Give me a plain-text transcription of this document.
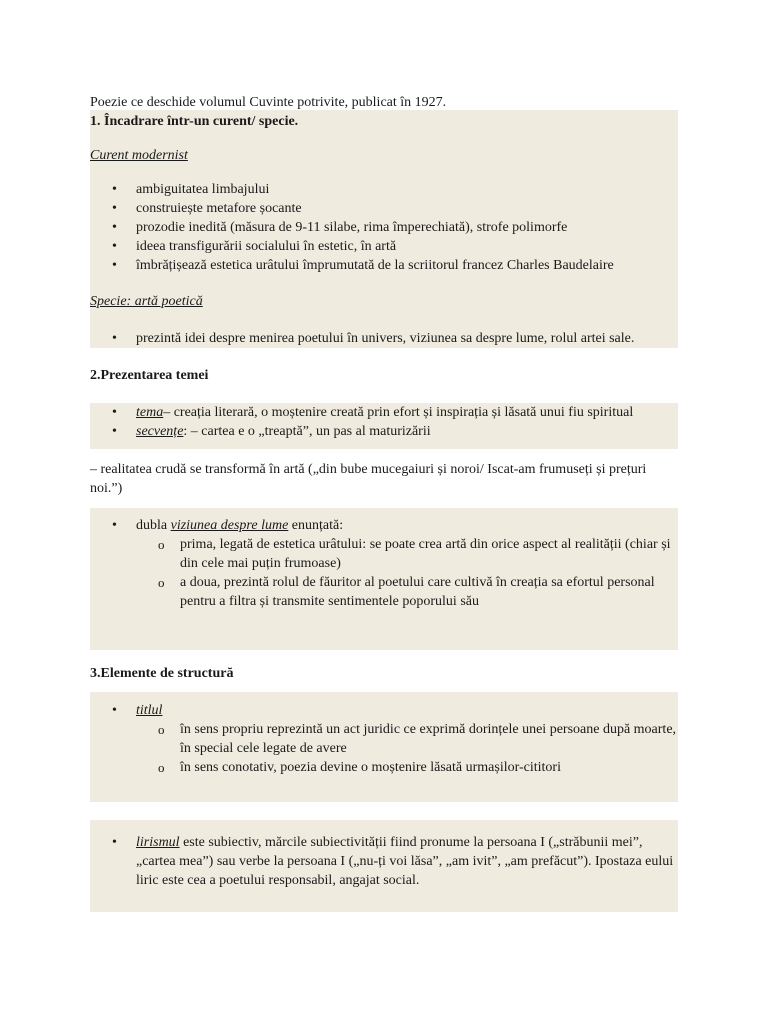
Poezie ce deschide volumul Cuvinte potrivite, publicat în 1927.

1. Încadrare într-un curent/ specie.

Curent modernist

• ambiguitatea limbajului
• construiește metafore șocante
• prozodie inedită (măsura de 9-11 silabe, rima împerechiată), strofe polimorfe
• ideea transfigurării socialului în estetic, în artă
• îmbrățișează estetica urâtului împrumutată de la scriitorul francez Charles Baudelaire

Specie: artă poetică

• prezintă idei despre menirea poetului în univers, viziunea sa despre lume, rolul artei sale.

2.Prezentarea temei

• tema– creația literară, o moștenire creată prin efort și inspirația și lăsată unui fiu spiritual
• secvențe: – cartea e o „treaptă”, un pas al maturizării

– realitatea crudă se transformă în artă („din bube mucegaiuri și noroi/ Iscat-am frumuseți și prețuri noi.”)

• dubla viziunea despre lume enunțată:
o prima, legată de estetica urâtului: se poate crea artă din orice aspect al realității (chiar și din cele mai puțin frumoase)
o a doua, prezintă rolul de făuritor al poetului care cultivă în creația sa efortul personal pentru a filtra și transmite sentimentele poporului său

3.Elemente de structură

• titlul
o în sens propriu reprezintă un act juridic ce exprimă dorințele unei persoane după moarte, în special cele legate de avere
o în sens conotativ, poezia devine o moștenire lăsată urmașilor-cititori
• lirismul este subiectiv, mărcile subiectivității fiind pronume la persoana I („străbunii mei”, „cartea mea”) sau verbe la persoana I („nu-ți voi lăsa”, „am ivit”, „am prefăcut”). Ipostaza eului liric este cea a poetului responsabil, angajat social.
